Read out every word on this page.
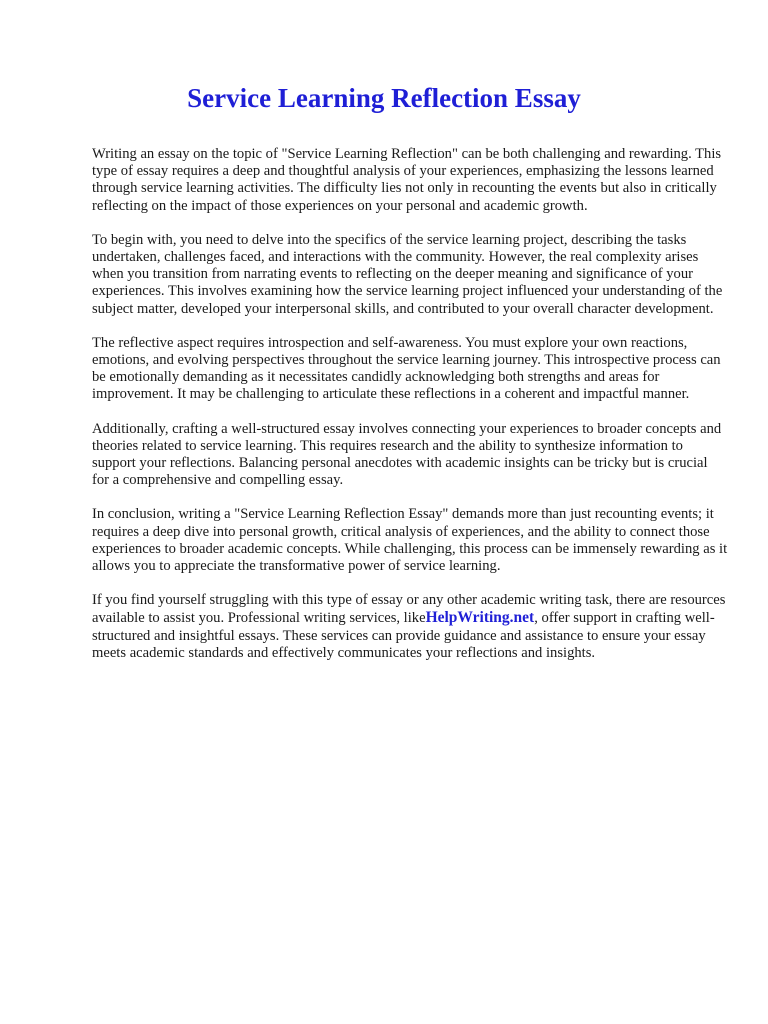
Service Learning Reflection Essay

Writing an essay on the topic of "Service Learning Reflection" can be both challenging and rewarding. This type of essay requires a deep and thoughtful analysis of your experiences, emphasizing the lessons learned through service learning activities. The difficulty lies not only in recounting the events but also in critically reflecting on the impact of those experiences on your personal and academic growth.

To begin with, you need to delve into the specifics of the service learning project, describing the tasks undertaken, challenges faced, and interactions with the community. However, the real complexity arises when you transition from narrating events to reflecting on the deeper meaning and significance of your experiences. This involves examining how the service learning project influenced your understanding of the subject matter, developed your interpersonal skills, and contributed to your overall character development.

The reflective aspect requires introspection and self-awareness. You must explore your own reactions, emotions, and evolving perspectives throughout the service learning journey. This introspective process can be emotionally demanding as it necessitates candidly acknowledging both strengths and areas for improvement. It may be challenging to articulate these reflections in a coherent and impactful manner.

Additionally, crafting a well-structured essay involves connecting your experiences to broader concepts and theories related to service learning. This requires research and the ability to synthesize information to support your reflections. Balancing personal anecdotes with academic insights can be tricky but is crucial for a comprehensive and compelling essay.

In conclusion, writing a "Service Learning Reflection Essay" demands more than just recounting events; it requires a deep dive into personal growth, critical analysis of experiences, and the ability to connect those experiences to broader academic concepts. While challenging, this process can be immensely rewarding as it allows you to appreciate the transformative power of service learning.

If you find yourself struggling with this type of essay or any other academic writing task, there are resources available to assist you. Professional writing services, likeHelpWriting.net, offer support in crafting well-structured and insightful essays. These services can provide guidance and assistance to ensure your essay meets academic standards and effectively communicates your reflections and insights.
